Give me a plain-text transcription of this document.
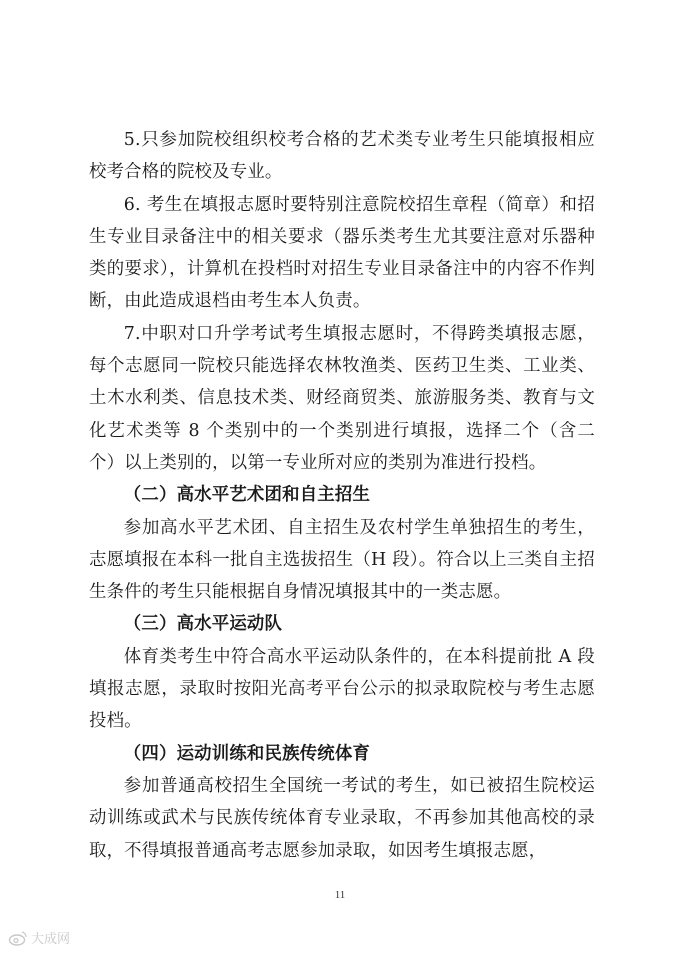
5.只参加院校组织校考合格的艺术类专业考生只能填报相应校考合格的院校及专业。

6. 考生在填报志愿时要特别注意院校招生章程（简章）和招生专业目录备注中的相关要求（器乐类考生尤其要注意对乐器种类的要求），计算机在投档时对招生专业目录备注中的内容不作判断，由此造成退档由考生本人负责。

7.中职对口升学考试考生填报志愿时，不得跨类填报志愿，每个志愿同一院校只能选择农林牧渔类、医药卫生类、工业类、土木水利类、信息技术类、财经商贸类、旅游服务类、教育与文化艺术类等 8 个类别中的一个类别进行填报，选择二个（含二个）以上类别的，以第一专业所对应的类别为准进行投档。

（二）高水平艺术团和自主招生

参加高水平艺术团、自主招生及农村学生单独招生的考生，志愿填报在本科一批自主选拔招生（H 段）。符合以上三类自主招生条件的考生只能根据自身情况填报其中的一类志愿。

（三）高水平运动队

体育类考生中符合高水平运动队条件的，在本科提前批 A 段填报志愿，录取时按阳光高考平台公示的拟录取院校与考生志愿投档。

（四）运动训练和民族传统体育

参加普通高校招生全国统一考试的考生，如已被招生院校运动训练或武术与民族传统体育专业录取，不再参加其他高校的录取，不得填报普通高考志愿参加录取，如因考生填报志愿，

11
大成网
